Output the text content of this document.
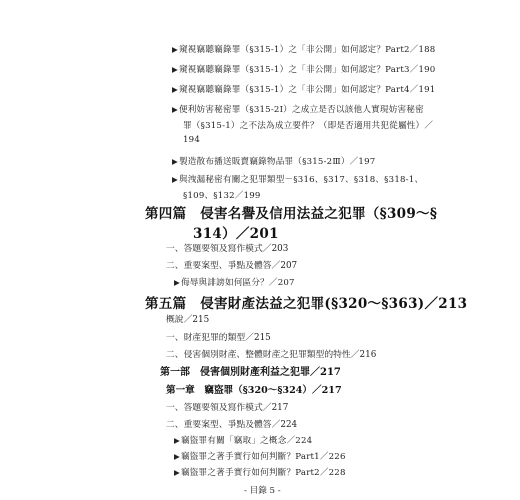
▶窺視竊聽竊錄罪（§315-1）之「非公開」如何認定？Part2／188
▶窺視竊聽竊錄罪（§315-1）之「非公開」如何認定？Part3／190
▶窺視竊聽竊錄罪（§315-1）之「非公開」如何認定？Part4／191
▶便利妨害秘密罪（§315-2Ⅰ）之成立是否以該他人實現妨害秘密
罪（§315-1）之不法為成立要件？（即是否適用共犯從屬性）／
194
▶製造散布播送販賣竊錄物品罪（§315-2Ⅲ）／197
▶與洩漏秘密有關之犯罪類型－§316、§317、§318、§318-1、
§109、§132／199
第四篇　侵害名譽及信用法益之犯罪（§309～§
314）／201
一、答題要領及寫作模式／203
二、重要案型、爭點及體答／207
▶侮辱與誹謗如何區分？／207
第五篇　侵害財產法益之犯罪(§320～§363)／213
概說／215
一、財產犯罪的類型／215
二、侵害個別財產、整體財產之犯罪類型的特性／216
第一部　侵害個別財產利益之犯罪／217
第一章　竊盜罪（§320～§324）／217
一、答題要領及寫作模式／217
二、重要案型、爭點及體答／224
▶竊盜罪有關「竊取」之概念／224
▶竊盜罪之著手實行如何判斷？Part1／226
▶竊盜罪之著手實行如何判斷？Part2／228
- 目錄 5 -
